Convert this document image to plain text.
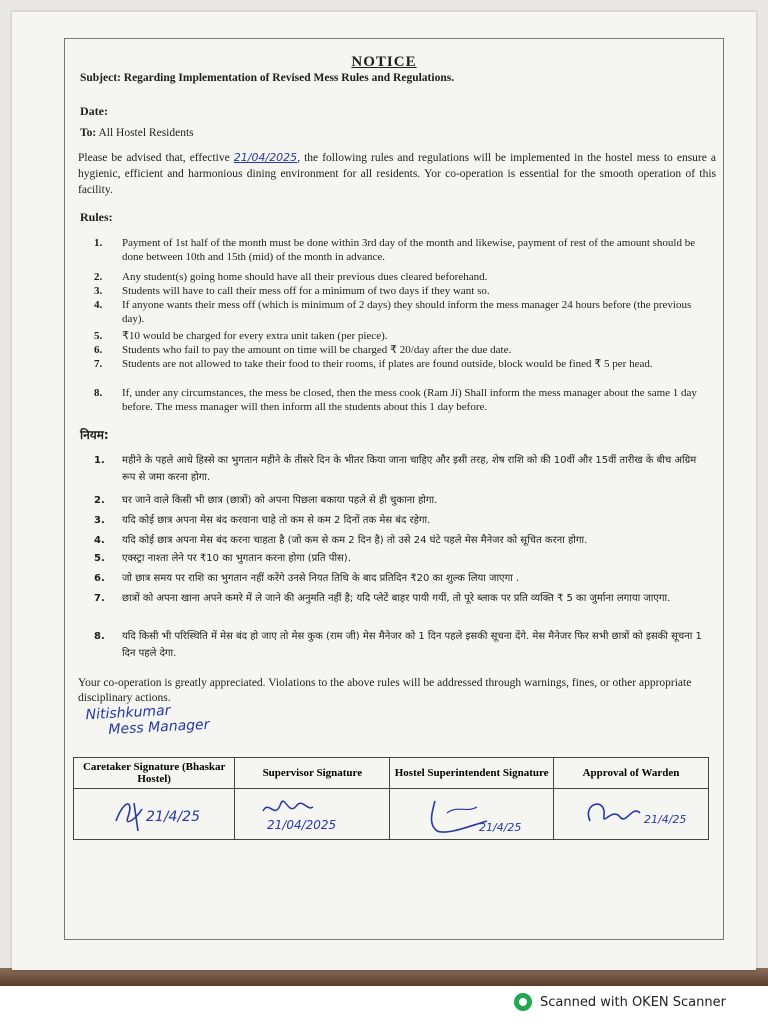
NOTICE
Subject: Regarding Implementation of Revised Mess Rules and Regulations.
Date:
To: All Hostel Residents
Please be advised that, effective 21/04/2025, the following rules and regulations will be implemented in the hostel mess to ensure a hygienic, efficient and harmonious dining environment for all residents. Yor co-operation is essential for the smooth operation of this facility.
Rules:
1.	Payment of 1st half of the month must be done within 3rd day of the month and likewise, payment of rest of the amount should be done between 10th and 15th (mid) of the month in advance.
2.	Any student(s) going home should have all their previous dues cleared beforehand.
3.	Students will have to call their mess off for a minimum of two days if they want so.
4.	If anyone wants their mess off (which is minimum of 2 days) they should inform the mess manager 24 hours before (the previous day).
5.	₹10 would be charged for every extra unit taken (per piece).
6.	Students who fail to pay the amount on time will be charged ₹ 20/day after the due date.
7.	Students are not allowed to take their food to their rooms, if plates are found outside, block would be fined ₹ 5 per head.
8.	If, under any circumstances, the mess be closed, then the mess cook (Ram Ji) Shall inform the mess manager about the same 1 day before. The mess manager will then inform all the students about this 1 day before.
नियम:
1.	महीने के पहले आधे हिस्से का भुगतान महीने के तीसरे दिन के भीतर किया जाना चाहिए और इसी तरह, शेष राशि को की 10वीं और 15वीं तारीख के बीच अग्रिम रूप से जमा करना होगा.
2.	घर जाने वाले किसी भी छात्र (छात्रों) को अपना पिछला बकाया पहले से ही चुकाना होगा.
3.	यदि कोई छात्र अपना मेस बंद करवाना चाहे तो कम से कम 2 दिनों तक मेस बंद रहेगा.
4.	यदि कोई छात्र अपना मेस बंद करना चाहता है (जो कम से कम 2 दिन है) तो उसे 24 घंटे पहले मेस मैनेजर को सूचित करना होगा.
5.	एक्स्ट्रा नाश्ता लेने पर ₹10 का भुगतान करना होगा (प्रति पीस).
6.	जो छात्र समय पर राशि का भुगतान नहीं करेंगे उनसे नियत तिथि के बाद प्रतिदिन ₹20 का शुल्क लिया जाएगा .
7.	छात्रों को अपना खाना अपने कमरे में ले जाने की अनुमति नहीं है; यदि प्लेटें बाहर पायी गयीं, तो पूरे ब्लाक पर प्रति व्यक्ति ₹ 5 का जुर्माना लगाया जाएगा.
8.	यदि किसी भी परिस्थिति में मेस बंद हो जाए तो मेस कुक (राम जी) मेस मैनेजर को 1 दिन पहले इसकी सूचना देंगे. मेस मैनेजर फिर सभी छात्रों को इसकी सूचना 1 दिन पहले देगा.
Your co-operation is greatly appreciated. Violations to the above rules will be addressed through warnings, fines, or other appropriate disciplinary actions.
Nitishkumar
Mess Manager
Caretaker Signature (Bhaskar Hostel)	Supervisor Signature	Hostel Superintendent Signature	Approval of Warden

21/4/25	21/04/2025	21/4/25	21/4/25
Scanned with OKEN Scanner
